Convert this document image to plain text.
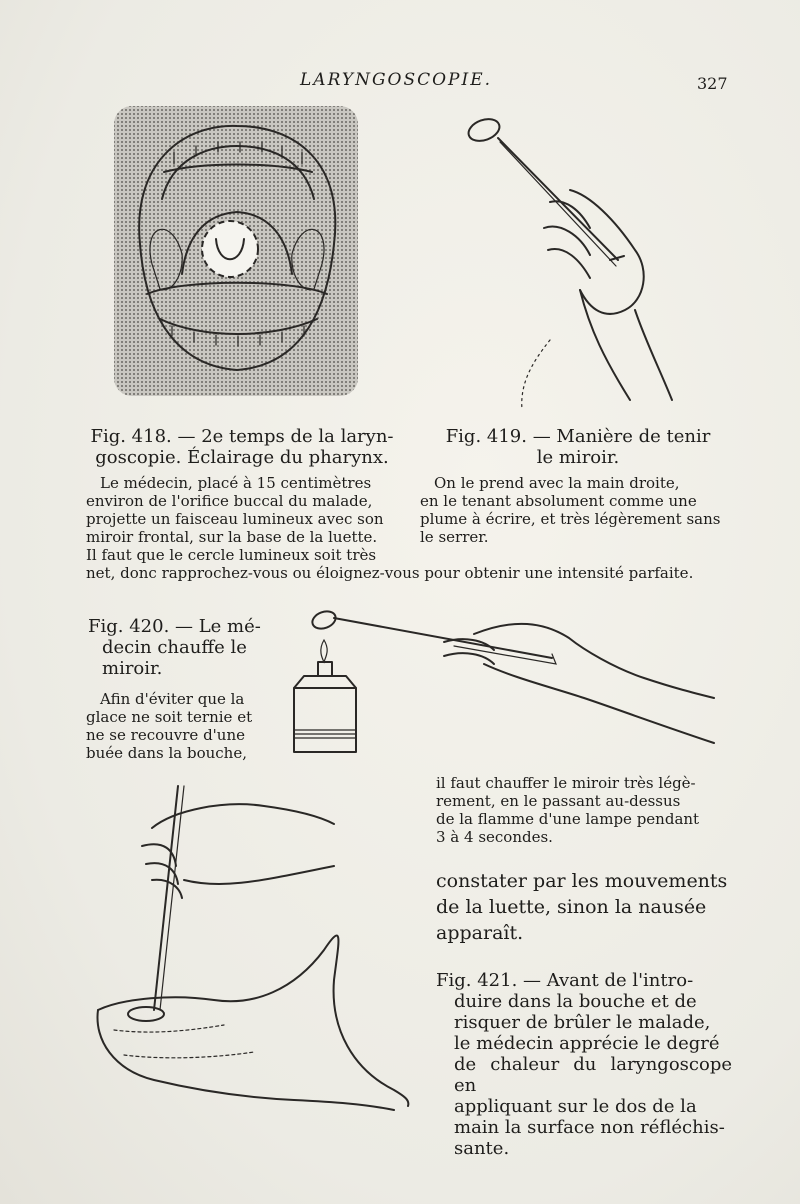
LARYNGOSCOPIE.	327
Fig. 418. — 2e temps de la laryn-
goscopie. Éclairage du pharynx.
Fig. 419. — Manière de tenir
le miroir.
Le médecin, placé à 15 centimètres
environ de l'orifice buccal du malade,
projette un faisceau lumineux avec son
miroir frontal, sur la base de la luette.
Il faut que le cercle lumineux soit très
On le prend avec la main droite,
en le tenant absolument comme une
plume à écrire, et très légèrement sans
le serrer.
net, donc rapprochez-vous ou éloignez-vous pour obtenir une intensité parfaite.
Fig. 420. — Le mé-
decin chauffe le
miroir.
Afin d'éviter que la
glace ne soit ternie et
ne se recouvre d'une
buée dans la bouche,
il faut chauffer le miroir très légè-
rement, en le passant au-dessus
de la flamme d'une lampe pendant
3 à 4 secondes.
constater par les mouvements
de la luette, sinon la nausée
apparaît.
Fig. 421. — Avant de l'intro-
duire dans la bouche et de
risquer de brûler le malade,
le médecin apprécie le degré
de chaleur du laryngoscope en
appliquant sur le dos de la
main la surface non réfléchis-
sante.
